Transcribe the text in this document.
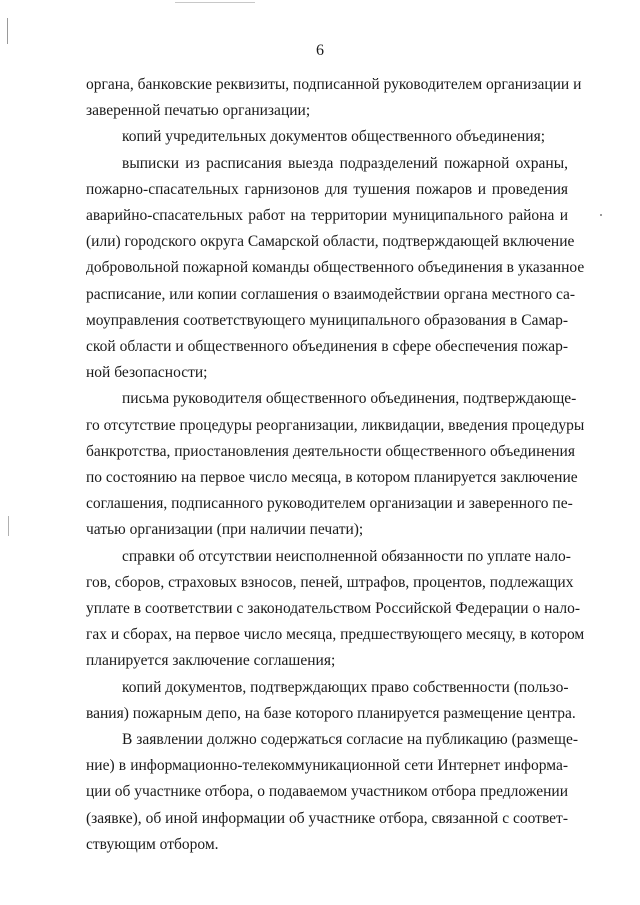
6

органа, банковские реквизиты, подписанной руководителем организации и
заверенной печатью организации;

копий учредительных документов общественного объединения;

выписки из расписания выезда подразделений пожарной охраны,
пожарно-спасательных гарнизонов для тушения пожаров и проведения
аварийно-спасательных работ на территории муниципального района и
(или) городского округа Самарской области, подтверждающей включение
добровольной пожарной команды общественного объединения в указанное
расписание, или копии соглашения о взаимодействии органа местного са-
моуправления соответствующего муниципального образования в Самар-
ской области и общественного объединения в сфере обеспечения пожар-
ной безопасности;

письма руководителя общественного объединения, подтверждающе-
го отсутствие процедуры реорганизации, ликвидации, введения процедуры
банкротства, приостановления деятельности общественного объединения
по состоянию на первое число месяца, в котором планируется заключение
соглашения, подписанного руководителем организации и заверенного пе-
чатью организации (при наличии печати);

справки об отсутствии неисполненной обязанности по уплате нало-
гов, сборов, страховых взносов, пеней, штрафов, процентов, подлежащих
уплате в соответствии с законодательством Российской Федерации о нало-
гах и сборах, на первое число месяца, предшествующего месяцу, в котором
планируется заключение соглашения;

копий документов, подтверждающих право собственности (пользо-
вания) пожарным депо, на базе которого планируется размещение центра.

В заявлении должно содержаться согласие на публикацию (размеще-
ние) в информационно-телекоммуникационной сети Интернет информа-
ции об участнике отбора, о подаваемом участником отбора предложении
(заявке), об иной информации об участнике отбора, связанной с соответ-
ствующим отбором.
